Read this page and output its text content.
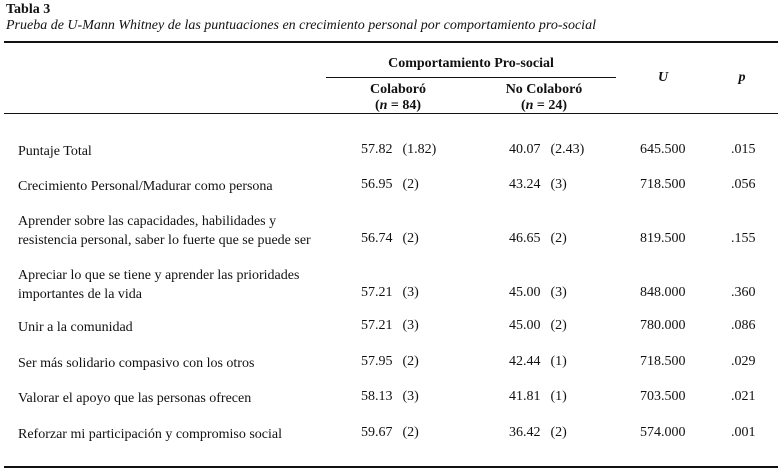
Tabla 3
Prueba de U-Mann Whitney de las puntuaciones en crecimiento personal por comportamiento pro-social
Comportamiento Pro-social
Colaboró
(n = 84)
No Colaboró
(n = 24)
U	p
Puntaje Total	57.82 (1.82)	40.07 (2.43)	645.500	.015
Crecimiento Personal/Madurar como persona	56.95 (2)	43.24 (3)	718.500	.056
Aprender sobre las capacidades, habilidades y resistencia personal, saber lo fuerte que se puede ser	56.74 (2)	46.65 (2)	819.500	.155
Apreciar lo que se tiene y aprender las prioridades importantes de la vida	57.21 (3)	45.00 (3)	848.000	.360
Unir a la comunidad	57.21 (3)	45.00 (2)	780.000	.086
Ser más solidario compasivo con los otros	57.95 (2)	42.44 (1)	718.500	.029
Valorar el apoyo que las personas ofrecen	58.13 (3)	41.81 (1)	703.500	.021
Reforzar mi participación y compromiso social	59.67 (2)	36.42 (2)	574.000	.001
